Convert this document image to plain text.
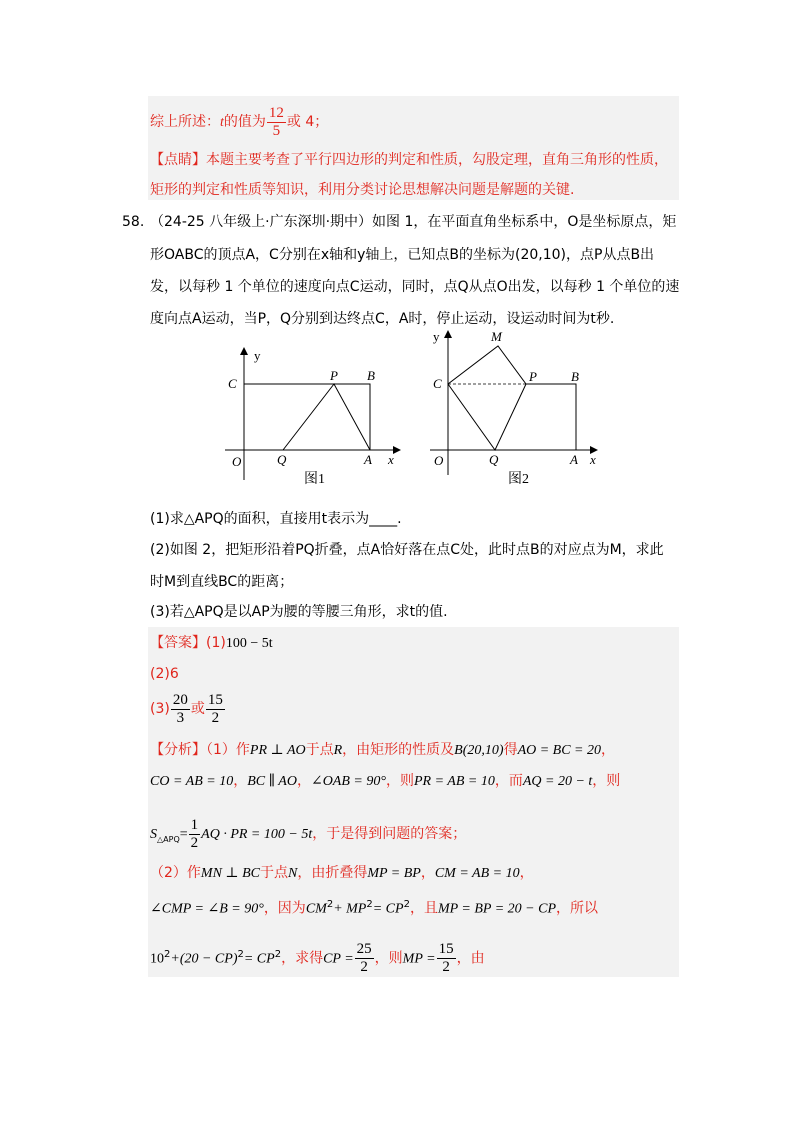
综上所述：t的值为 $\frac{12}{5}$ 或 4；
【点睛】本题主要考查了平行四边形的判定和性质，勾股定理，直角三角形的性质，
矩形的判定和性质等知识，利用分类讨论思想解决问题是解题的关键.
58. （24-25 八年级上·广东深圳·期中）如图 1，在平面直角坐标系中，O是坐标原点，矩
形OABC的顶点A，C分别在x轴和y轴上，已知点B的坐标为(20,10)，点P从点B出
发，以每秒 1 个单位的速度向点C运动，同时，点Q从点O出发，以每秒 1 个单位的速
度向点A运动，当P，Q分别到达终点C，A时，停止运动，设运动时间为t秒.
y
C
P B
O	Q	A x
图1
y	M
C	P	B
O	Q	A x
图2
(1)求△APQ的面积，直接用t表示为____.
(2)如图 2，把矩形沿着PQ折叠，点A恰好落在点C处，此时点B的对应点为M，求此
时M到直线BC的距离；
(3)若△APQ是以AP为腰的等腰三角形，求t的值.
【答案】(1)100 − 5t
(2)6
$(3) \frac{20}{3}$ 或 $\frac{15}{2}$
【分析】（1）作PR ⊥ AO于点R，由矩形的性质及B(20,10)得AO = BC = 20，
CO = AB = 10，BC ∥ AO，∠OAB = 90°，则PR = AB = 10，而AQ = 20 − t，则
$S_{\triangle APQ}= \frac{1}{2}$ AQ · PR = 100 − 5t，于是得到问题的答案；
（2）作MN ⊥ BC于点N，由折叠得MP = BP，CM = AB = 10，
∠CMP = ∠B = 90°，因为$CM^2+ MP^2= CP^2$，且MP = BP = 20 − CP，所以
$10^2+(20 - CP)^2= CP^2$，求得CP = $\frac{25}{2}$ ，则MP = $\frac{15}{2}$ ，由
